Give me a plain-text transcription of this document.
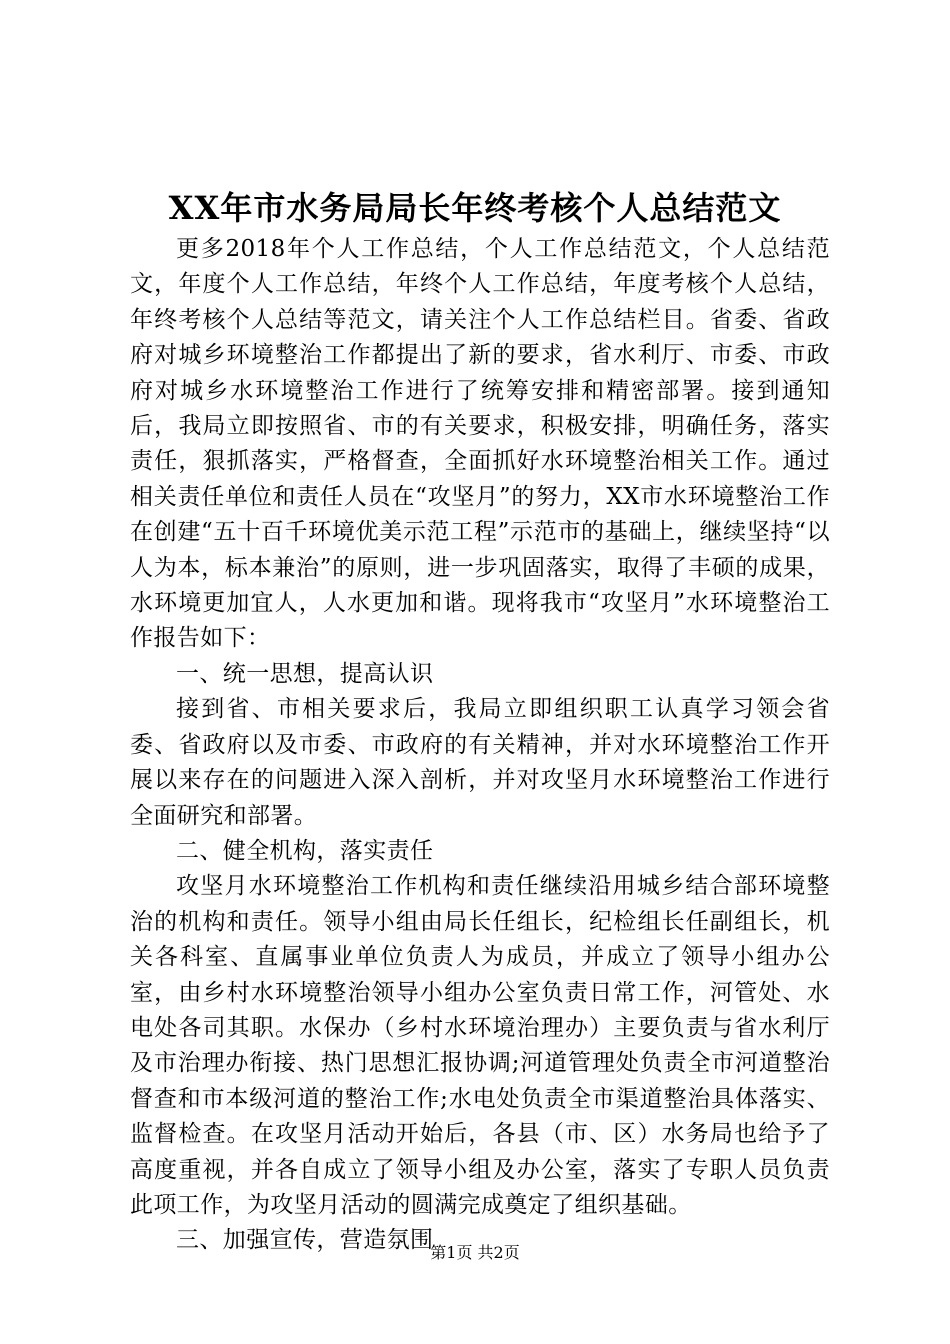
XX年市水务局局长年终考核个人总结范文

更多2018年个人工作总结，个人工作总结范文，个人总结范文，年度个人工作总结，年终个人工作总结，年度考核个人总结，年终考核个人总结等范文，请关注个人工作总结栏目。省委、省政府对城乡环境整治工作都提出了新的要求，省水利厅、市委、市政府对城乡水环境整治工作进行了统筹安排和精密部署。接到通知后，我局立即按照省、市的有关要求，积极安排，明确任务，落实责任，狠抓落实，严格督查，全面抓好水环境整治相关工作。通过相关责任单位和责任人员在“攻坚月”的努力，XX市水环境整治工作在创建“五十百千环境优美示范工程”示范市的基础上，继续坚持“以人为本，标本兼治”的原则，进一步巩固落实，取得了丰硕的成果，水环境更加宜人，人水更加和谐。现将我市“攻坚月”水环境整治工作报告如下：

一、统一思想，提高认识

接到省、市相关要求后，我局立即组织职工认真学习领会省委、省政府以及市委、市政府的有关精神，并对水环境整治工作开展以来存在的问题进入深入剖析，并对攻坚月水环境整治工作进行全面研究和部署。

二、健全机构，落实责任

攻坚月水环境整治工作机构和责任继续沿用城乡结合部环境整治的机构和责任。领导小组由局长任组长，纪检组长任副组长，机关各科室、直属事业单位负责人为成员，并成立了领导小组办公室，由乡村水环境整治领导小组办公室负责日常工作，河管处、水电处各司其职。水保办（乡村水环境治理办）主要负责与省水利厅及市治理办衔接、热门思想汇报协调;河道管理处负责全市河道整治督查和市本级河道的整治工作;水电处负责全市渠道整治具体落实、监督检查。在攻坚月活动开始后，各县（市、区）水务局也给予了高度重视，并各自成立了领导小组及办公室，落实了专职人员负责此项工作，为攻坚月活动的圆满完成奠定了组织基础。

三、加强宣传，营造氛围

第1页 共2页
